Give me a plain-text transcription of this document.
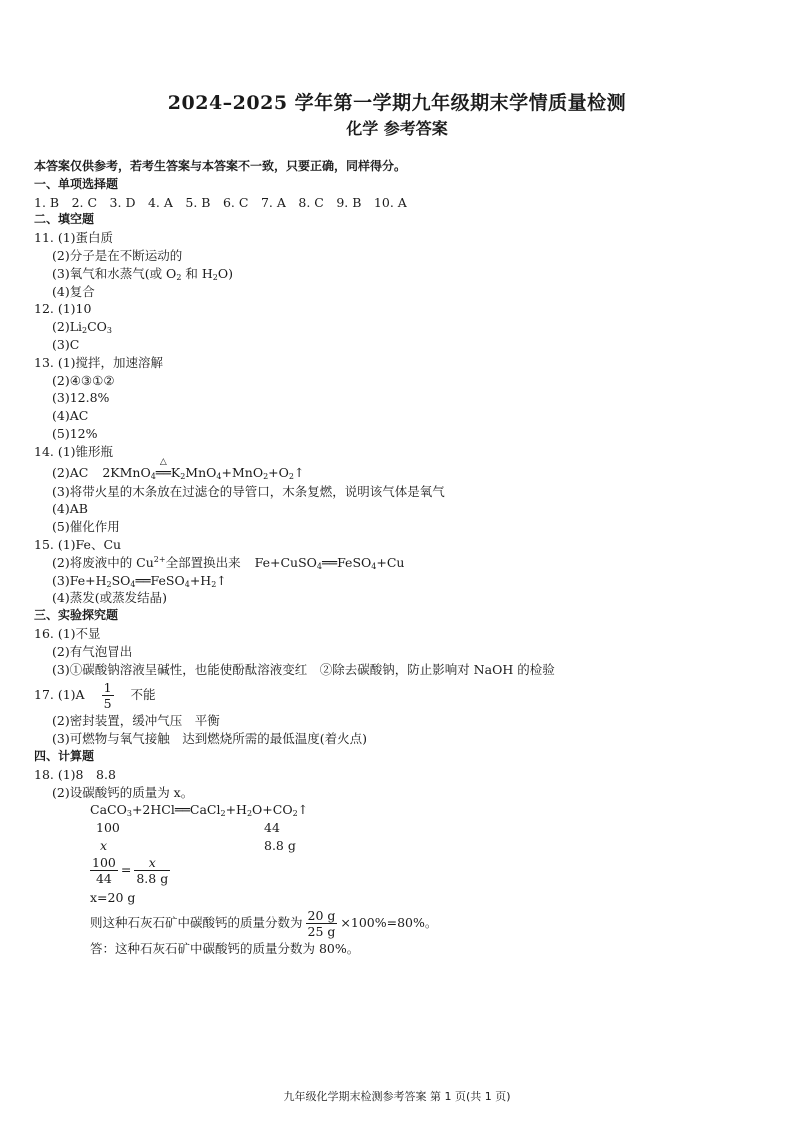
2024–2025 学年第一学期九年级期末学情质量检测
化学 参考答案
本答案仅供参考，若考生答案与本答案不一致，只要正确，同样得分。
一、单项选择题
1. B　2. C　3. D　4. A　5. B　6. C　7. A　8. C　9. B　10. A
二、填空题
11. (1)蛋白质
(2)分子是在不断运动的
(3)氧气和水蒸气(或 $O_2$ 和 $H_2O$)
(4)复合
12. (1)10
$(2)Li_2CO_3$
(3)C
13. (1)搅拌，加速溶解
(2)④③①②
(3)12.8%
(4)AC
(5)12%
14. (1)锥形瓶
(2)AC 2KMnO$_4$
△
$══K_2MnO_4+MnO_2+O_2↑$
(3)将带火星的木条放在过滤仓的导管口，木条复燃，说明该气体是氧气
(4)AB
(5)催化作用
15. (1)Fe、Cu
(2)将废液中的 $Cu^{2+}$全部置换出来 Fe+CuSO$_4$══FeSO$_4$+Cu
$(3)Fe+H_2SO_4══FeSO_4+H_2↑$
(4)蒸发(或蒸发结晶)
三、实验探究题
16. (1)不显
(2)有气泡冒出
(3)①碳酸钠溶液呈碱性，也能使酚酞溶液变红　②除去碳酸钠，防止影响对 NaOH 的检验
17. $(1)A \frac{1}{5}$ 不能
(2)密封装置，缓冲气压　平衡
(3)可燃物与氧气接触　达到燃烧所需的最低温度(着火点)
四、计算题
18. (1)8　8.8
(2)设碳酸钙的质量为 x。
$CaCO_3+2HCl══CaCl_2+H_2O+CO_2↑$
100	44
x	8.8 g
$\frac{100}{44} = \frac{x}{8.8 g}$
x=20 g
则这种石灰石矿中碳酸钙的质量分数为 $\frac{20 g}{25 g} \times 100\%=80\%$。
答：这种石灰石矿中碳酸钙的质量分数为 80%。
九年级化学期末检测参考答案 第 1 页(共 1 页)
